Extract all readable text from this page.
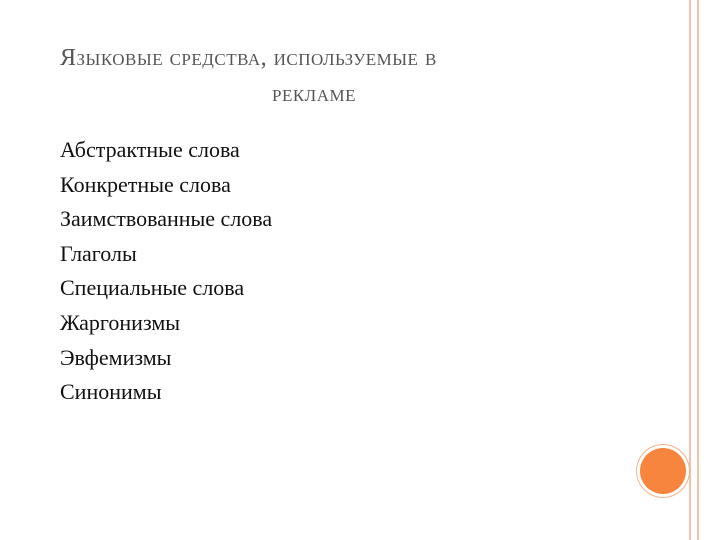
Языковые средства, используемые в
рекламе
Абстрактные слова
Конкретные слова
Заимствованные слова
Глаголы
Специальные слова
Жаргонизмы
Эвфемизмы
Синонимы
